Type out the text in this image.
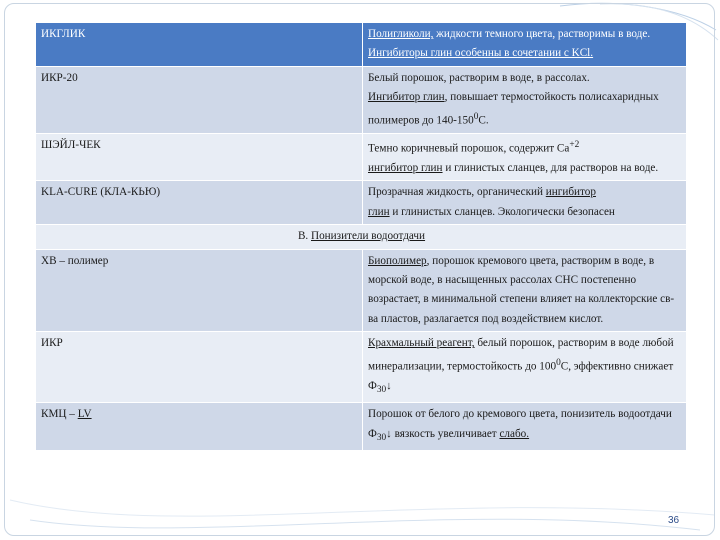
ИКГЛИК	Полигликоли, жидкости темного цвета, растворимы в воде.
Ингибиторы глин особенны в сочетании с KCl.
ИКР-20	Белый порошок, растворим в воде, в рассолах.
Ингибитор глин, повышает термостойкость полисахаридных полимеров до $140-150^0С$.
ШЭЙЛ-ЧЕК	Темно коричневый порошок, содержит $Ca^{+2}$
ингибитор глин и глинистых сланцев, для растворов на воде.
KLA-CURE (КЛА-КЬЮ)	Прозрачная жидкость, органический ингибитор
глин и глинистых сланцев. Экологически безопасен
В. Понизители водоотдачи	
ХВ – полимер	Биополимер, порошок кремового цвета, растворим в воде, в морской воде, в насыщенных рассолах СНС постепенно возрастает, в минимальной степени влияет на коллекторские св-ва пластов, разлагается под воздействием кислот.
ИКР	Крахмальный реагент, белый порошок, растворим в воде любой минерализации, термостойкость до $100^0С$, эффективно снижает $Ф_{30}↓$
КМЦ – LV	Порошок от белого до кремового цвета, понизитель водоотдачи $Ф_{30}↓$ вязкость увеличивает слабо.
36
